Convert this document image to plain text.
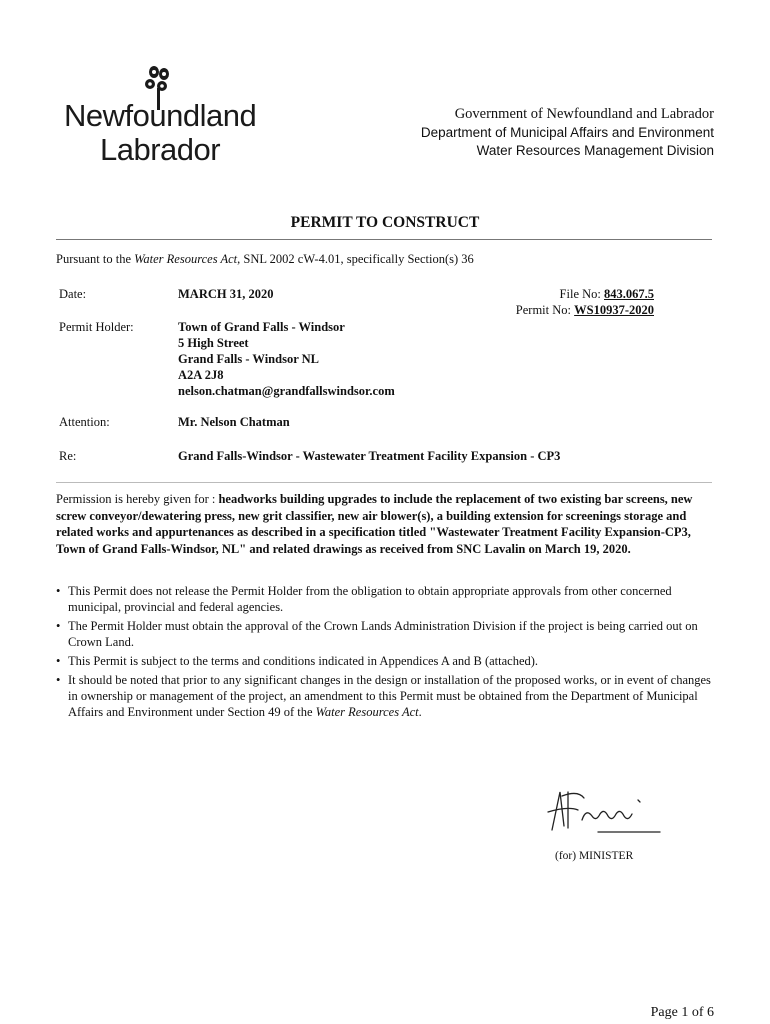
Newfoundland
Labrador
Government of Newfoundland and Labrador
Department of Municipal Affairs and Environment
Water Resources Management Division
PERMIT TO CONSTRUCT
Pursuant to the Water Resources Act, SNL 2002 cW-4.01, specifically Section(s) 36
Date:	MARCH 31, 2020	File No: 843.067.5
Permit No: WS10937-2020
Permit Holder:	Town of Grand Falls - Windsor
5 High Street
Grand Falls - Windsor NL
A2A 2J8
nelson.chatman@grandfallswindsor.com
Attention:	Mr. Nelson Chatman
Re:	Grand Falls-Windsor - Wastewater Treatment Facility Expansion - CP3
Permission is hereby given for : headworks building upgrades to include the replacement of two existing bar screens, new screw conveyor/dewatering press, new grit classifier, new air blower(s), a building extension for screenings storage and related works and appurtenances as described in a specification titled "Wastewater Treatment Facility Expansion-CP3, Town of Grand Falls-Windsor, NL" and related drawings as received from SNC Lavalin on March 19, 2020.
• This Permit does not release the Permit Holder from the obligation to obtain appropriate approvals from other concerned municipal, provincial and federal agencies.
• The Permit Holder must obtain the approval of the Crown Lands Administration Division if the project is being carried out on Crown Land.
• This Permit is subject to the terms and conditions indicated in Appendices A and B (attached).
• It should be noted that prior to any significant changes in the design or installation of the proposed works, or in event of changes in ownership or management of the project, an amendment to this Permit must be obtained from the Department of Municipal Affairs and Environment under Section 49 of the Water Resources Act.
(for) MINISTER
Page 1 of 6
